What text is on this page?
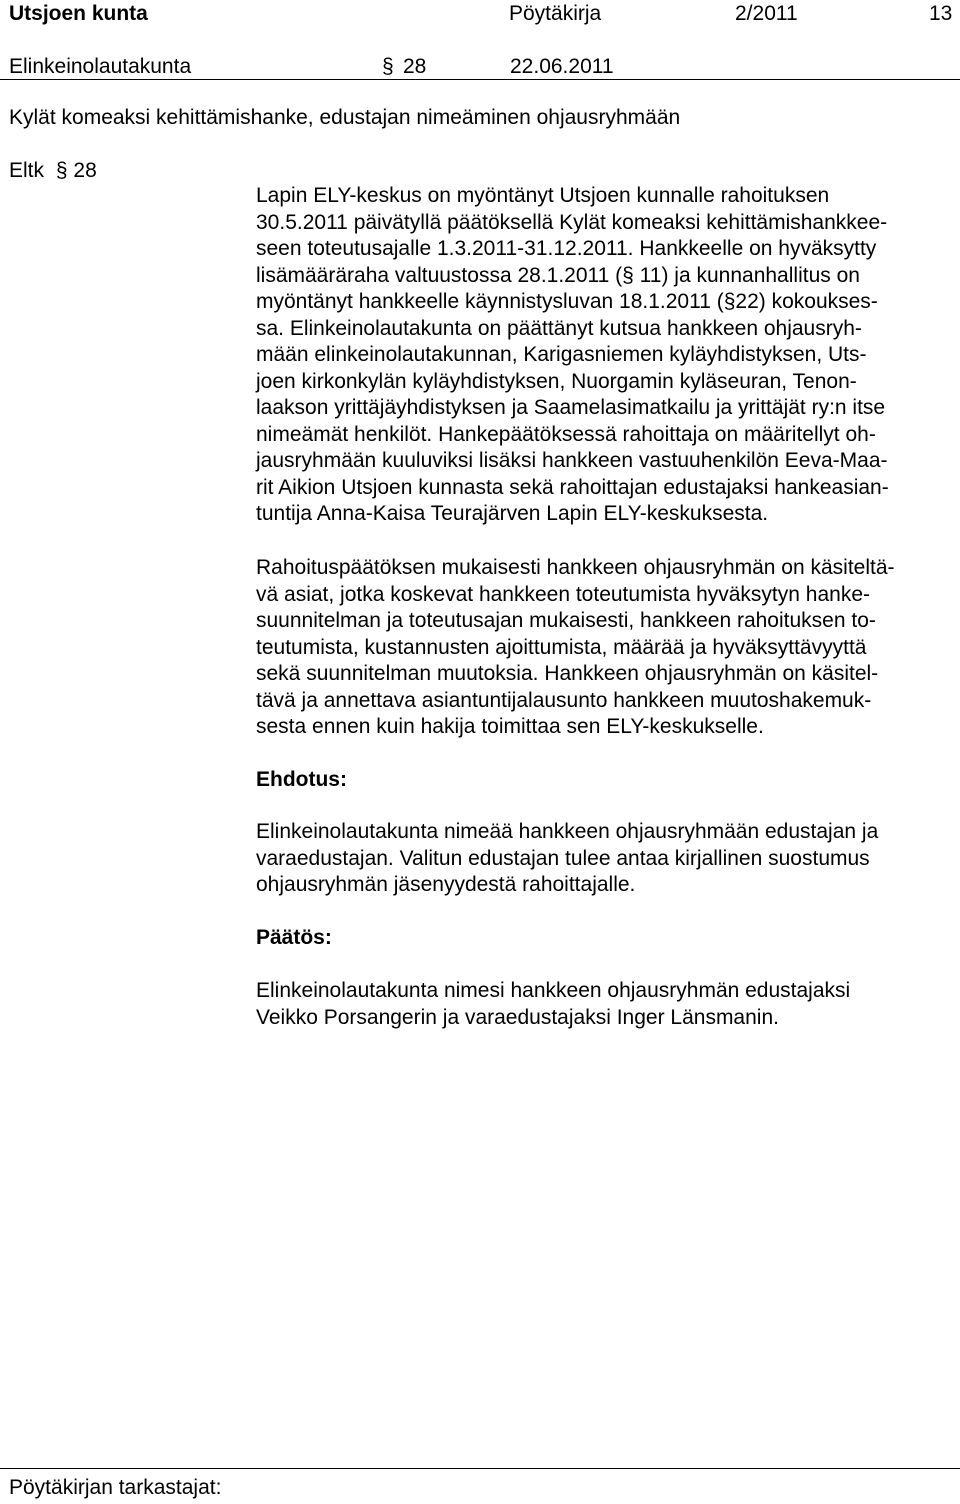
Utsjoen kunta	Pöytäkirja	2/2011	13
Elinkeinolautakunta	§ 28	22.06.2011
Kylät komeaksi kehittämishanke, edustajan nimeäminen ohjausryhmään
Eltk § 28
Lapin ELY-keskus on myöntänyt Utsjoen kunnalle rahoituksen
30.5.2011 päivätyllä päätöksellä Kylät komeaksi kehittämishankkee-
seen toteutusajalle 1.3.2011-31.12.2011. Hankkeelle on hyväksytty
lisämääräraha valtuustossa 28.1.2011 (§ 11) ja kunnanhallitus on
myöntänyt hankkeelle käynnistysluvan 18.1.2011 (§22) kokoukses-
sa. Elinkeinolautakunta on päättänyt kutsua hankkeen ohjausryh-
mään elinkeinolautakunnan, Karigasniemen kyläyhdistyksen, Uts-
joen kirkonkylän kyläyhdistyksen, Nuorgamin kyläseuran, Tenon-
laakson yrittäjäyhdistyksen ja Saamelasimatkailu ja yrittäjät ry:n itse
nimeämät henkilöt. Hankepäätöksessä rahoittaja on määritellyt oh-
jausryhmään kuuluviksi lisäksi hankkeen vastuuhenkilön Eeva-Maa-
rit Aikion Utsjoen kunnasta sekä rahoittajan edustajaksi hankeasian-
tuntija Anna-Kaisa Teurajärven Lapin ELY-keskuksesta.
Rahoituspäätöksen mukaisesti hankkeen ohjausryhmän on käsiteltä-
vä asiat, jotka koskevat hankkeen toteutumista hyväksytyn hanke-
suunnitelman ja toteutusajan mukaisesti, hankkeen rahoituksen to-
teutumista, kustannusten ajoittumista, määrää ja hyväksyttävyyttä
sekä suunnitelman muutoksia. Hankkeen ohjausryhmän on käsitel-
tävä ja annettava asiantuntijalausunto hankkeen muutoshakemuk-
sesta ennen kuin hakija toimittaa sen ELY-keskukselle.
Ehdotus:
Elinkeinolautakunta nimeää hankkeen ohjausryhmään edustajan ja
varaedustajan. Valitun edustajan tulee antaa kirjallinen suostumus
ohjausryhmän jäsenyydestä rahoittajalle.
Päätös:
Elinkeinolautakunta nimesi hankkeen ohjausryhmän edustajaksi
Veikko Porsangerin ja varaedustajaksi Inger Länsmanin.
Pöytäkirjan tarkastajat:
